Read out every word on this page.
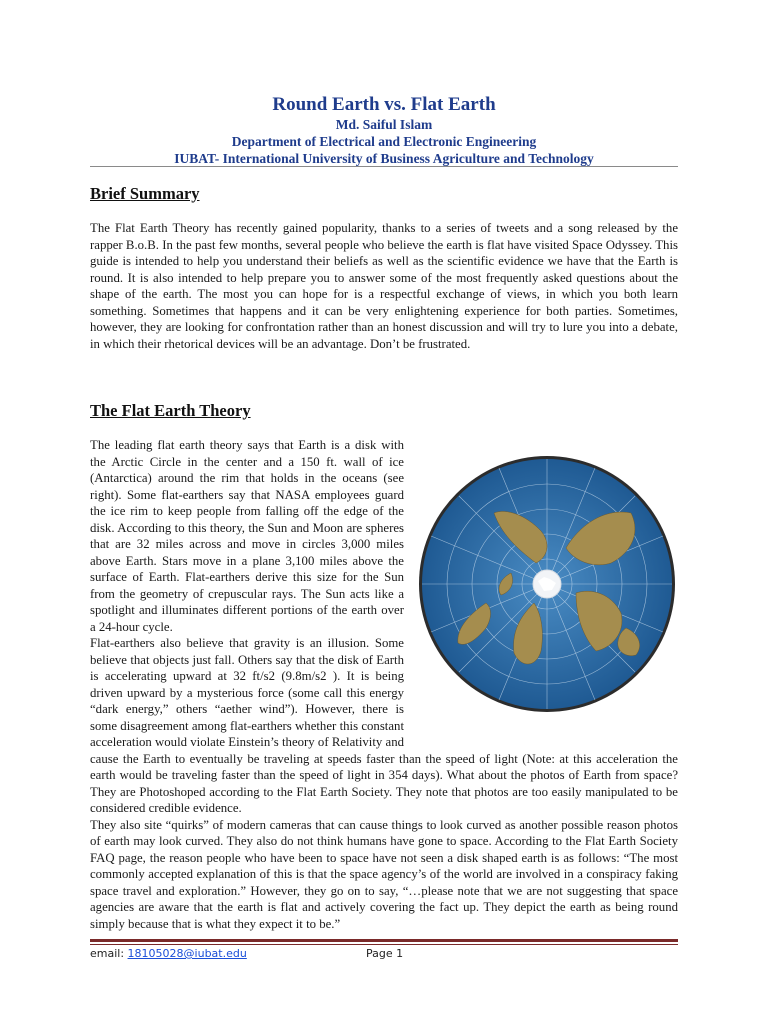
Round Earth vs. Flat Earth
Md. Saiful Islam
Department of Electrical and Electronic Engineering
IUBAT- International University of Business Agriculture and Technology
Brief Summary

The Flat Earth Theory has recently gained popularity, thanks to a series of tweets and a song released by the rapper B.o.B. In the past few months, several people who believe the earth is flat have visited Space Odyssey. This guide is intended to help you understand their beliefs as well as the scientific evidence we have that the Earth is round. It is also intended to help prepare you to answer some of the most frequently asked questions about the shape of the earth. The most you can hope for is a respectful exchange of views, in which you both learn something. Sometimes that happens and it can be very enlightening experience for both parties. Sometimes, however, they are looking for confrontation rather than an honest discussion and will try to lure you into a debate, in which their rhetorical devices will be an advantage. Don’t be frustrated.

The Flat Earth Theory

The leading flat earth theory says that Earth is a disk with the Arctic Circle in the center and a 150 ft. wall of ice (Antarctica) around the rim that holds in the oceans (see right). Some flat-earthers say that NASA employees guard the ice rim to keep people from falling off the edge of the disk. According to this theory, the Sun and Moon are spheres that are 32 miles across and move in circles 3,000 miles above Earth. Stars move in a plane 3,100 miles above the surface of Earth. Flat-earthers derive this size for the Sun from the geometry of crepuscular rays. The Sun acts like a spotlight and illuminates different portions of the earth over a 24-hour cycle.

Flat-earthers also believe that gravity is an illusion. Some believe that objects just fall. Others say that the disk of Earth is accelerating upward at 32 ft/s2 (9.8m/s2 ). It is being driven upward by a mysterious force (some call this energy “dark energy,” others “aether wind”). However, there is some disagreement among flat-earthers whether this constant acceleration would violate Einstein’s theory of Relativity and cause the Earth to eventually be traveling at speeds faster than the speed of light (Note: at this acceleration the earth would be traveling faster than the speed of light in 354 days). What about the photos of Earth from space? They are Photoshoped according to the Flat Earth Society. They note that photos are too easily manipulated to be considered credible evidence.

They also site “quirks” of modern cameras that can cause things to look curved as another possible reason photos of earth may look curved. They also do not think humans have gone to space. According to the Flat Earth Society FAQ page, the reason people who have been to space have not seen a disk shaped earth is as follows: “The most commonly accepted explanation of this is that the space agency’s of the world are involved in a conspiracy faking space travel and exploration.” However, they go on to say, “…please note that we are not suggesting that space agencies are aware that the earth is flat and actively covering the fact up. They depict the earth as being round simply because that is what they expect it to be.”

email: 18105028@iubat.edu	Page 1
